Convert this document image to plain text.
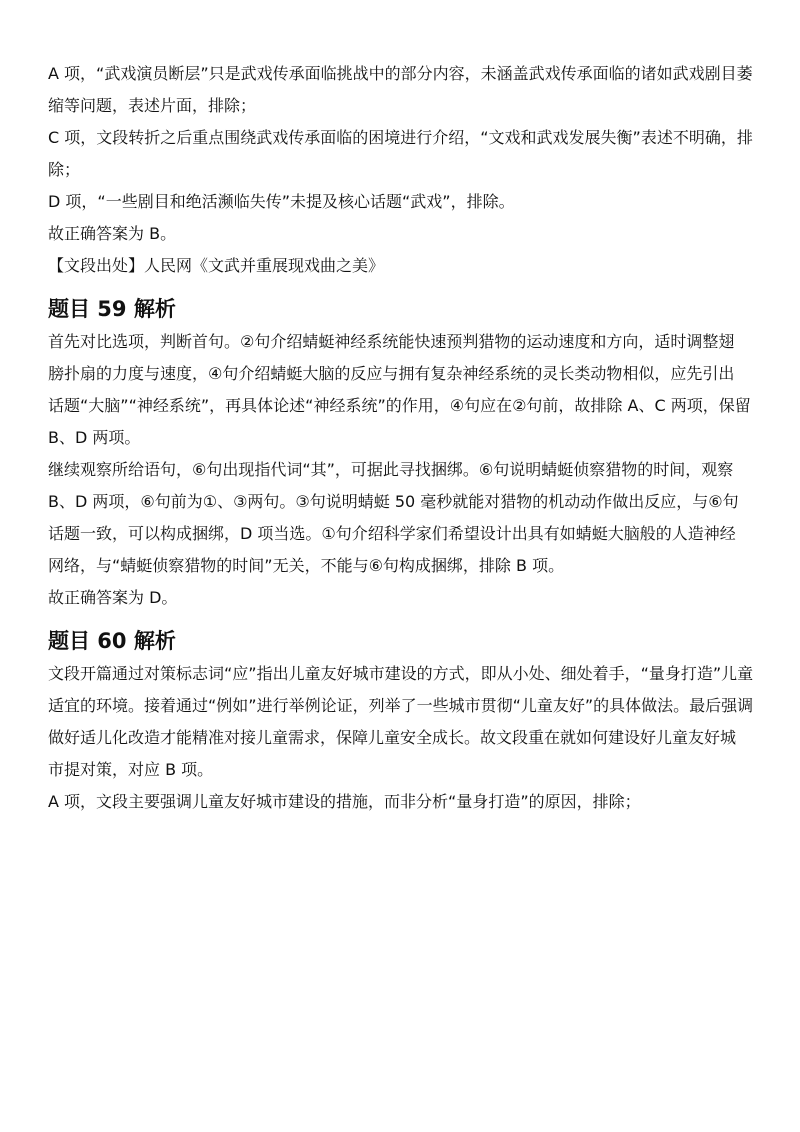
A 项，“武戏演员断层”只是武戏传承面临挑战中的部分内容，未涵盖武戏传承面临的诸如武戏剧目萎

缩等问题，表述片面，排除；

C 项，文段转折之后重点围绕武戏传承面临的困境进行介绍，“文戏和武戏发展失衡”表述不明确，排

除；

D 项，“一些剧目和绝活濒临失传”未提及核心话题“武戏”，排除。

故正确答案为 B。

【文段出处】人民网《文武并重展现戏曲之美》

题目 59 解析

首先对比选项，判断首句。②句介绍蜻蜓神经系统能快速预判猎物的运动速度和方向，适时调整翅

膀扑扇的力度与速度，④句介绍蜻蜓大脑的反应与拥有复杂神经系统的灵长类动物相似，应先引出

话题“大脑”“神经系统”，再具体论述“神经系统”的作用，④句应在②句前，故排除 A、C 两项，保留

B、D 两项。

继续观察所给语句，⑥句出现指代词“其”，可据此寻找捆绑。⑥句说明蜻蜓侦察猎物的时间，观察

B、D 两项，⑥句前为①、③两句。③句说明蜻蜓 50 毫秒就能对猎物的机动动作做出反应，与⑥句

话题一致，可以构成捆绑，D 项当选。①句介绍科学家们希望设计出具有如蜻蜓大脑般的人造神经

网络，与“蜻蜓侦察猎物的时间”无关，不能与⑥句构成捆绑，排除 B 项。

故正确答案为 D。

题目 60 解析

文段开篇通过对策标志词“应”指出儿童友好城市建设的方式，即从小处、细处着手，“量身打造”儿童

适宜的环境。接着通过“例如”进行举例论证，列举了一些城市贯彻“儿童友好”的具体做法。最后强调

做好适儿化改造才能精准对接儿童需求，保障儿童安全成长。故文段重在就如何建设好儿童友好城

市提对策，对应 B 项。

A 项，文段主要强调儿童友好城市建设的措施，而非分析“量身打造”的原因，排除；
